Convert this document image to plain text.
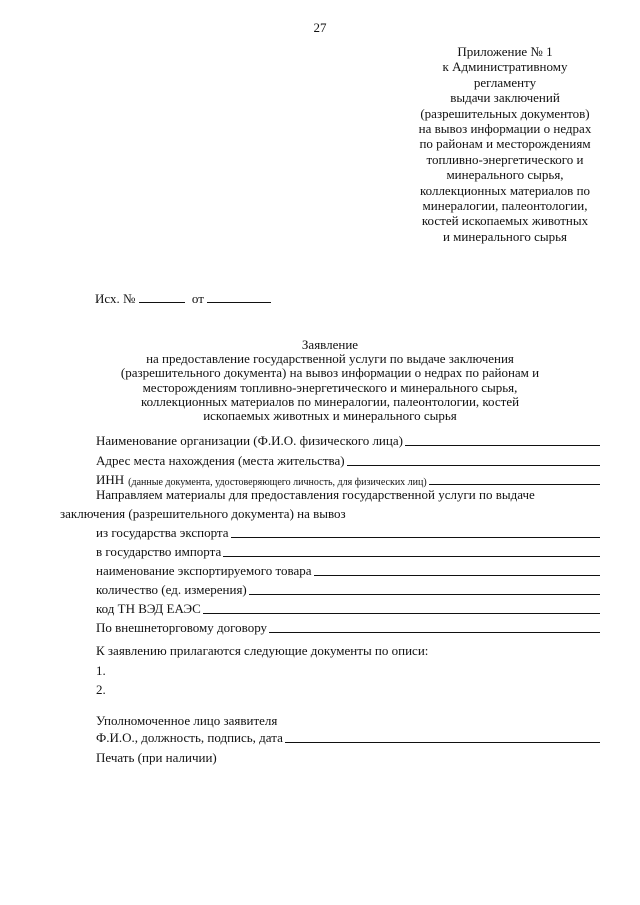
27
Приложение № 1
к Административному
регламенту
выдачи заключений
(разрешительных документов)
на вывоз информации о недрах
по районам и месторождениям
топливно-энергетического и
минерального сырья,
коллекционных материалов по
минералогии, палеонтологии,
костей ископаемых животных
и минерального сырья
Исх. №	от
Заявление
на предоставление государственной услуги по выдаче заключения
(разрешительного документа) на вывоз информации о недрах по районам и
месторождениям топливно-энергетического и минерального сырья,
коллекционных материалов по минералогии, палеонтологии, костей
ископаемых животных и минерального сырья
Наименование организации (Ф.И.О. физического лица)
Адрес места нахождения (места жительства)
ИНН (данные документа, удостоверяющего личность, для физических лиц)
Направляем материалы для предоставления государственной услуги по выдаче
заключения (разрешительного документа) на вывоз
из государства экспорта
в государство импорта
наименование экспортируемого товара
количество (ед. измерения)
код ТН ВЭД ЕАЭС
По внешнеторговому договору
К заявлению прилагаются следующие документы по описи:
1.
2.
Уполномоченное лицо заявителя
Ф.И.О., должность, подпись, дата
Печать (при наличии)
